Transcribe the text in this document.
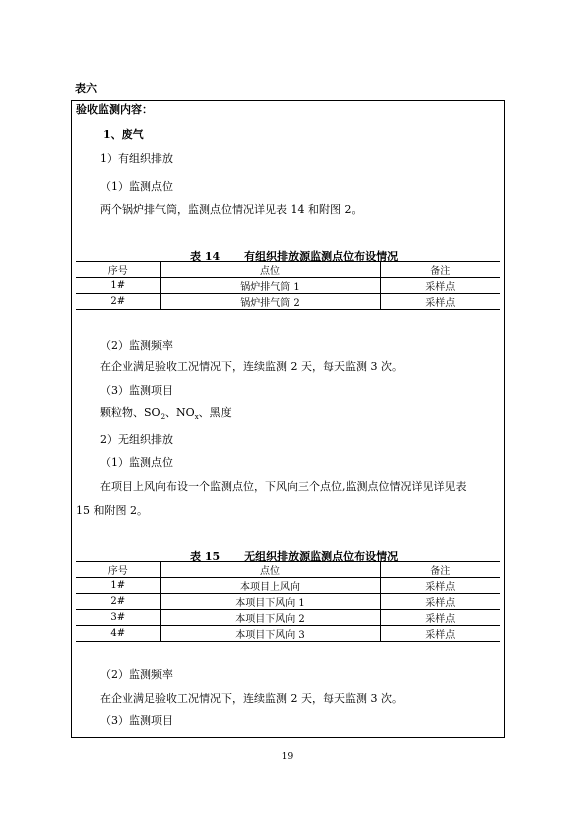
表六
验收监测内容：
1、废气
1）有组织排放
（1）监测点位
两个锅炉排气筒，监测点位情况详见表 14 和附图 2。
表 14 有组织排放源监测点位布设情况
序号	点位	备注
1#	锅炉排气筒 1	采样点
2#	锅炉排气筒 2	采样点
（2）监测频率
在企业满足验收工况情况下，连续监测 2 天，每天监测 3 次。
（3）监测项目
颗粒物、$SO_2$、$NO_x$、黑度
2）无组织排放
（1）监测点位
在项目上风向布设一个监测点位，下风向三个点位,监测点位情况详见详见表
15 和附图 2。
表 15 无组织排放源监测点位布设情况
序号	点位	备注
1#	本项目上风向	采样点
2#	本项目下风向 1	采样点
3#	本项目下风向 2	采样点
4#	本项目下风向 3	采样点
（2）监测频率
在企业满足验收工况情况下，连续监测 2 天，每天监测 3 次。
（3）监测项目
19
